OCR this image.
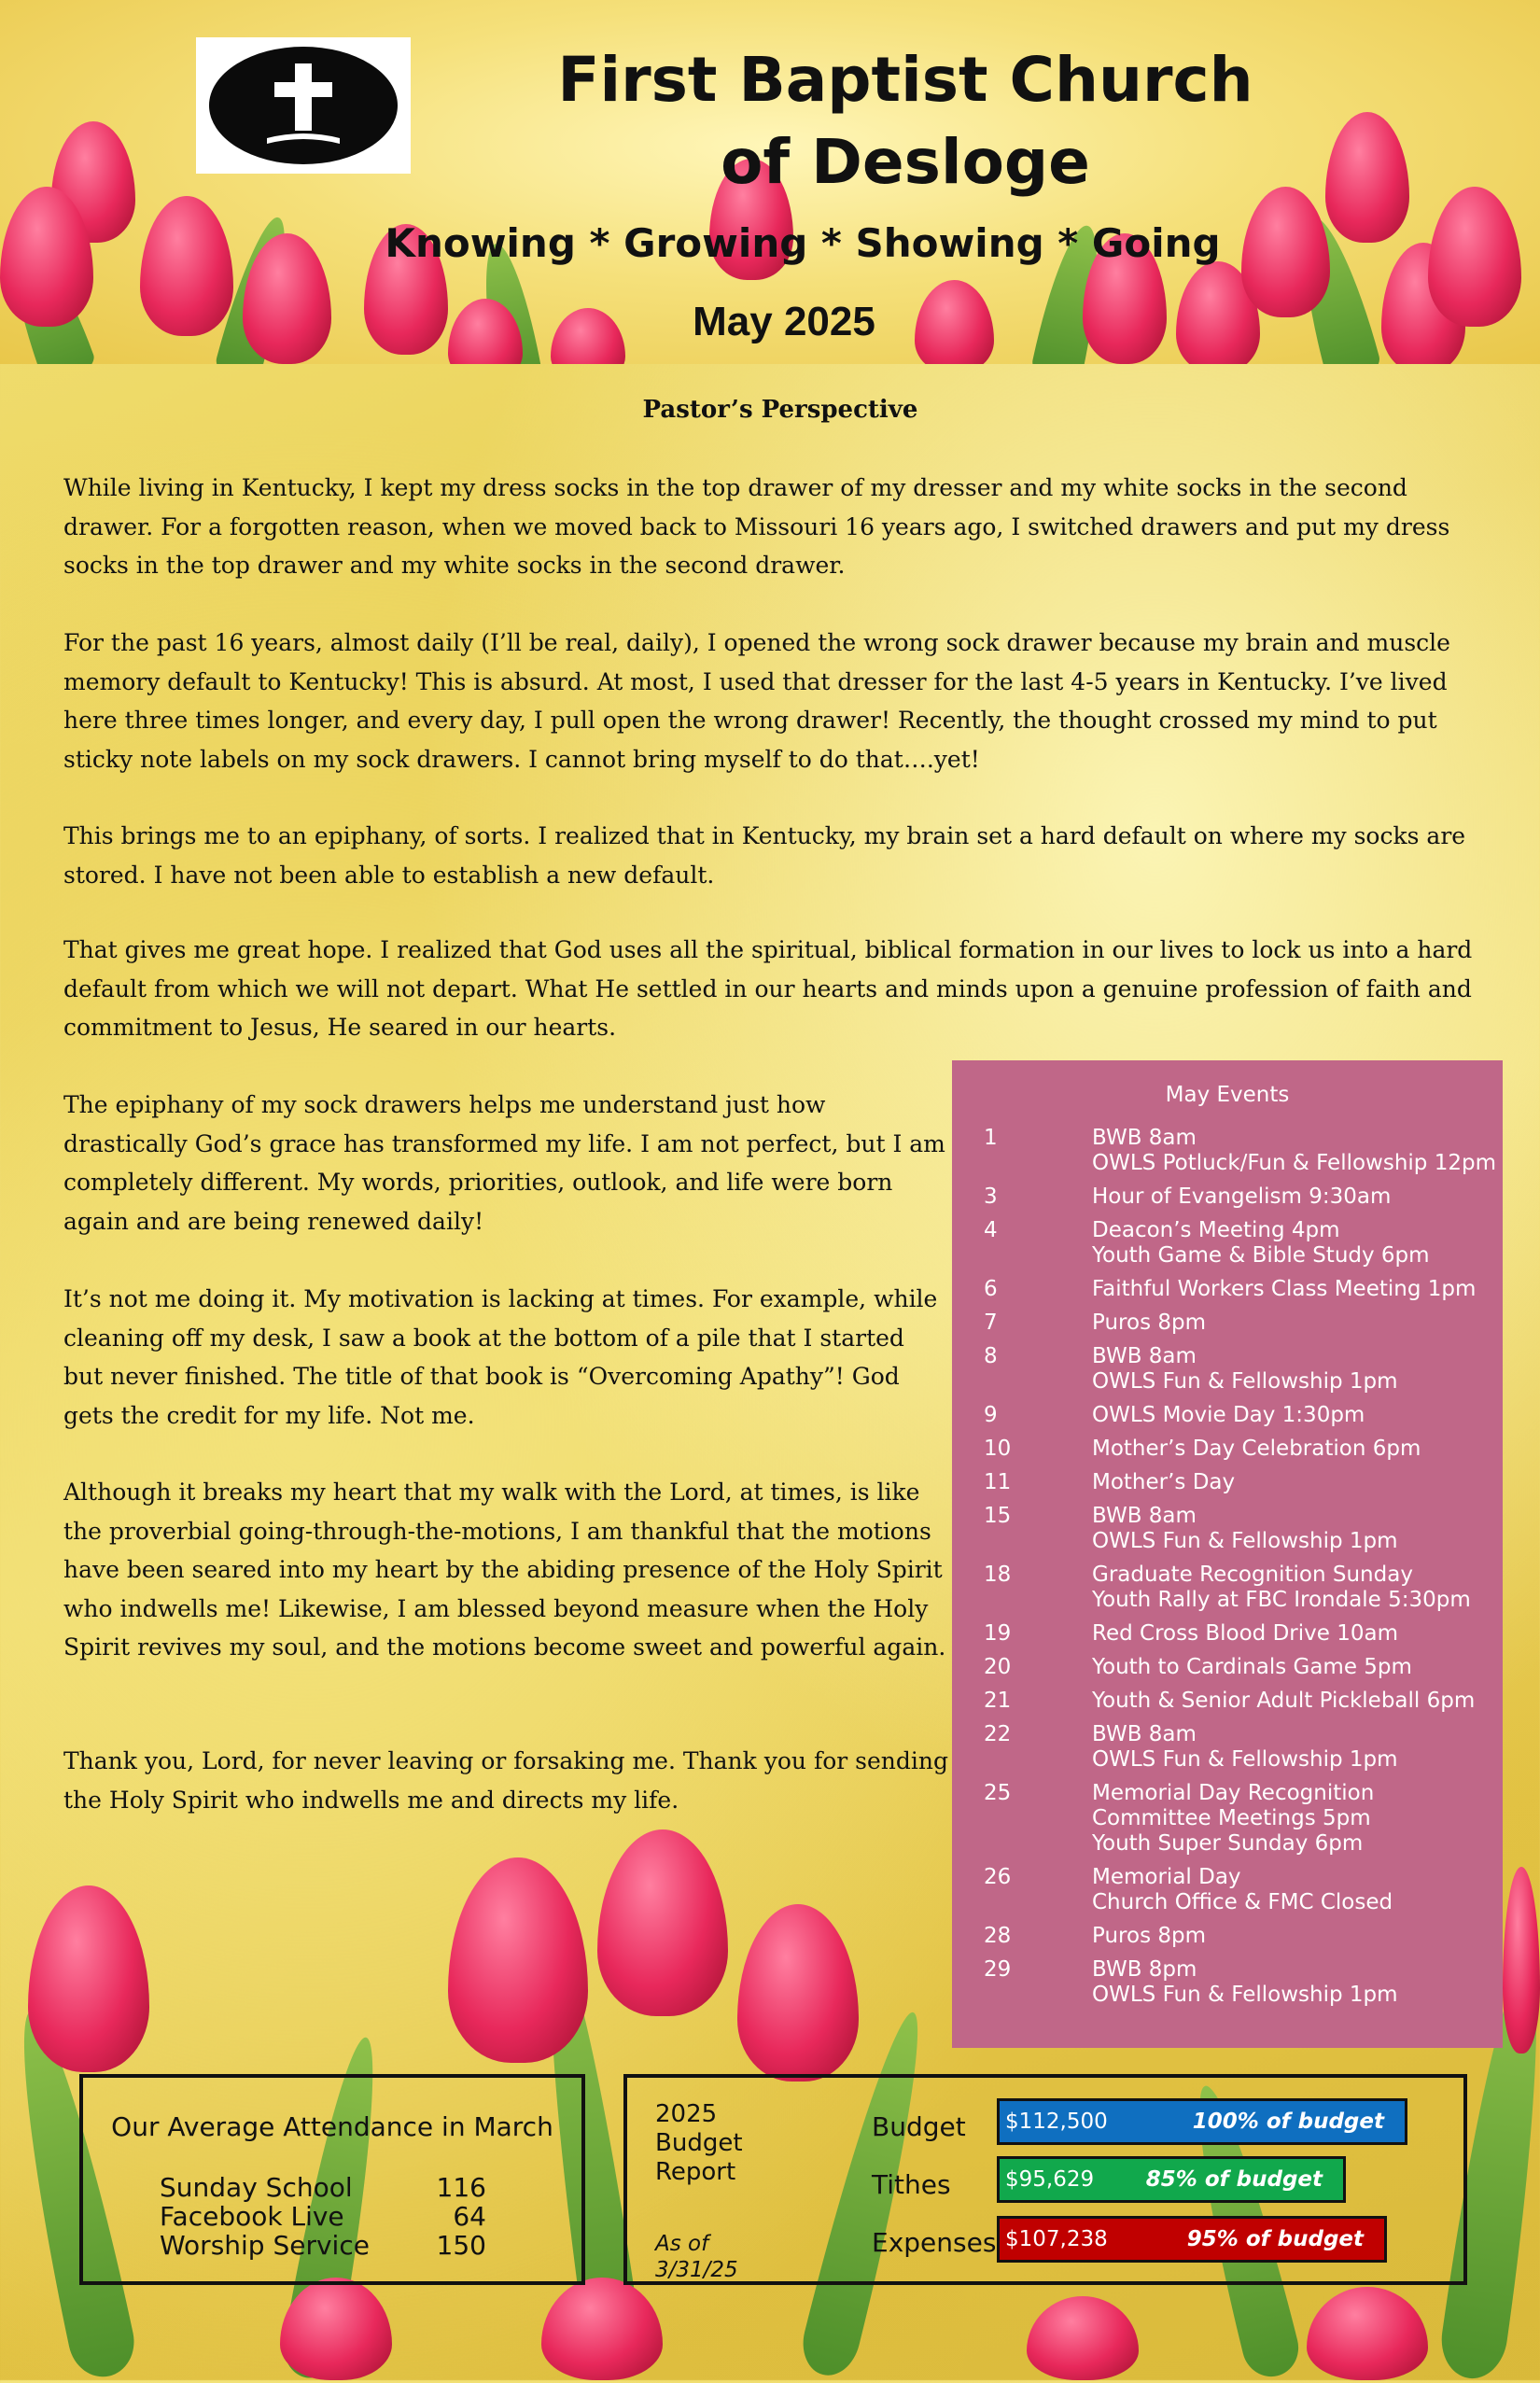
First Baptist Church
of Desloge
Knowing * Growing * Showing * Going
May 2025
Pastor’s Perspective

While living in Kentucky, I kept my dress socks in the top drawer of my dresser and my white socks in the second drawer. For a forgotten reason, when we moved back to Missouri 16 years ago, I switched drawers and put my dress socks in the top drawer and my white socks in the second drawer.

For the past 16 years, almost daily (I’ll be real, daily), I opened the wrong sock drawer because my brain and muscle memory default to Kentucky! This is absurd. At most, I used that dresser for the last 4-5 years in Kentucky. I’ve lived here three times longer, and every day, I pull open the wrong drawer! Recently, the thought crossed my mind to put sticky note labels on my sock drawers. I cannot bring myself to do that….yet!

This brings me to an epiphany, of sorts. I realized that in Kentucky, my brain set a hard default on where my socks are stored. I have not been able to establish a new default.

That gives me great hope. I realized that God uses all the spiritual, biblical formation in our lives to lock us into a hard default from which we will not depart. What He settled in our hearts and minds upon a genuine profession of faith and commitment to Jesus, He seared in our hearts.

The epiphany of my sock drawers helps me understand just how drastically God’s grace has transformed my life. I am not perfect, but I am completely different. My words, priorities, outlook, and life were born again and are being renewed daily!

It’s not me doing it. My motivation is lacking at times. For example, while cleaning off my desk, I saw a book at the bottom of a pile that I started but never finished. The title of that book is “Overcoming Apathy”! God gets the credit for my life. Not me.

Although it breaks my heart that my walk with the Lord, at times, is like the proverbial going-through-the-motions, I am thankful that the motions have been seared into my heart by the abiding presence of the Holy Spirit who indwells me! Likewise, I am blessed beyond measure when the Holy Spirit revives my soul, and the motions become sweet and powerful again.

Thank you, Lord, for never leaving or forsaking me. Thank you for sending the Holy Spirit who indwells me and directs my life.

May Events
1	BWB 8am
OWLS Potluck/Fun & Fellowship 12pm
3	Hour of Evangelism 9:30am
4	Deacon’s Meeting 4pm
Youth Game & Bible Study 6pm
6	Faithful Workers Class Meeting 1pm
7	Puros 8pm
8	BWB 8am
OWLS Fun & Fellowship 1pm
9	OWLS Movie Day 1:30pm
10	Mother’s Day Celebration 6pm
11	Mother’s Day
15	BWB 8am
OWLS Fun & Fellowship 1pm
18	Graduate Recognition Sunday
Youth Rally at FBC Irondale 5:30pm
19	Red Cross Blood Drive 10am
20	Youth to Cardinals Game 5pm
21	Youth & Senior Adult Pickleball 6pm
22	BWB 8am
OWLS Fun & Fellowship 1pm
25	Memorial Day Recognition
Committee Meetings 5pm
Youth Super Sunday 6pm
26	Memorial Day
Church Office & FMC Closed
28	Puros 8pm
29	BWB 8pm
OWLS Fun & Fellowship 1pm
Our Average Attendance in March
Sunday School	116
Facebook Live	64
Worship Service	150
2025
Budget
Report
As of
3/31/25
Budget	$112,500	100% of budget
Tithes	$95,629 85% of budget
Expenses $107,238	95% of budget
